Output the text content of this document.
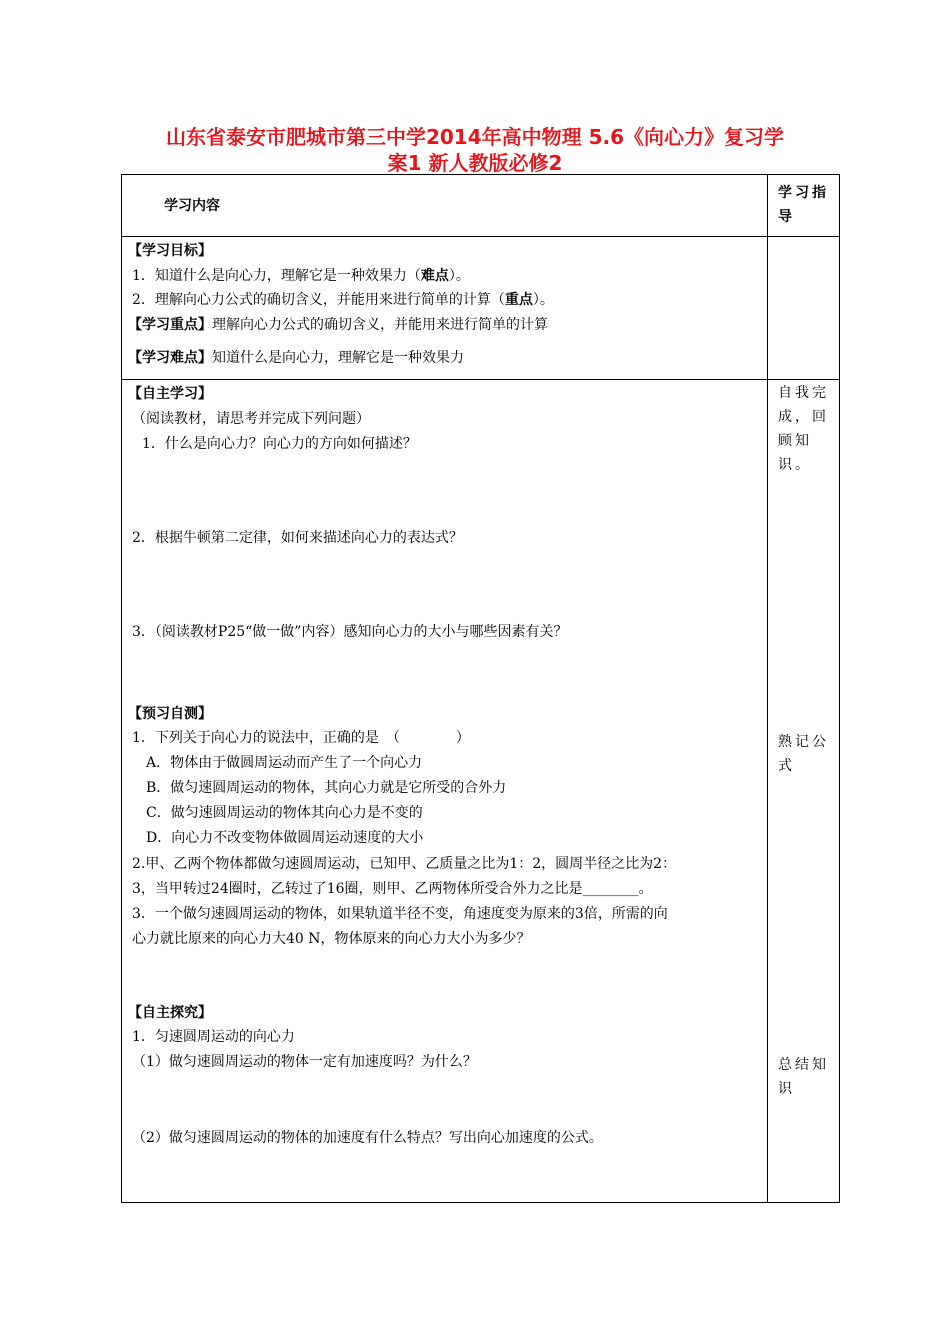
山东省泰安市肥城市第三中学2014年高中物理 5.6《向心力》复习学
案1 新人教版必修2
学习内容
学习指导
【学习目标】
1．知道什么是向心力，理解它是一种效果力（难点）。
2．理解向心力公式的确切含义，并能用来进行简单的计算（重点）。
【学习重点】理解向心力公式的确切含义，并能用来进行简单的计算
【学习难点】知道什么是向心力，理解它是一种效果力
【自主学习】
（阅读教材，请思考并完成下列问题）
1．什么是向心力？向心力的方向如何描述？
2．根据牛顿第二定律，如何来描述向心力的表达式？
3．（阅读教材P25“做一做”内容）感知向心力的大小与哪些因素有关？
【预习自测】
1．下列关于向心力的说法中，正确的是　（　　　　）
A．物体由于做圆周运动而产生了一个向心力
B．做匀速圆周运动的物体，其向心力就是它所受的合外力
C．做匀速圆周运动的物体其向心力是不变的
D．向心力不改变物体做圆周运动速度的大小
2.甲、乙两个物体都做匀速圆周运动，已知甲、乙质量之比为1：2，圆周半径之比为2：
3，当甲转过24圈时，乙转过了16圈，则甲、乙两物体所受合外力之比是________。
3．一个做匀速圆周运动的物体，如果轨道半径不变，角速度变为原来的3倍，所需的向
心力就比原来的向心力大40 N，物体原来的向心力大小为多少？
【自主探究】
1．匀速圆周运动的向心力
（1）做匀速圆周运动的物体一定有加速度吗？为什么？
（2）做匀速圆周运动的物体的加速度有什么特点？写出向心加速度的公式。
自我完成，回顾知识。
熟记公式
总结知识
